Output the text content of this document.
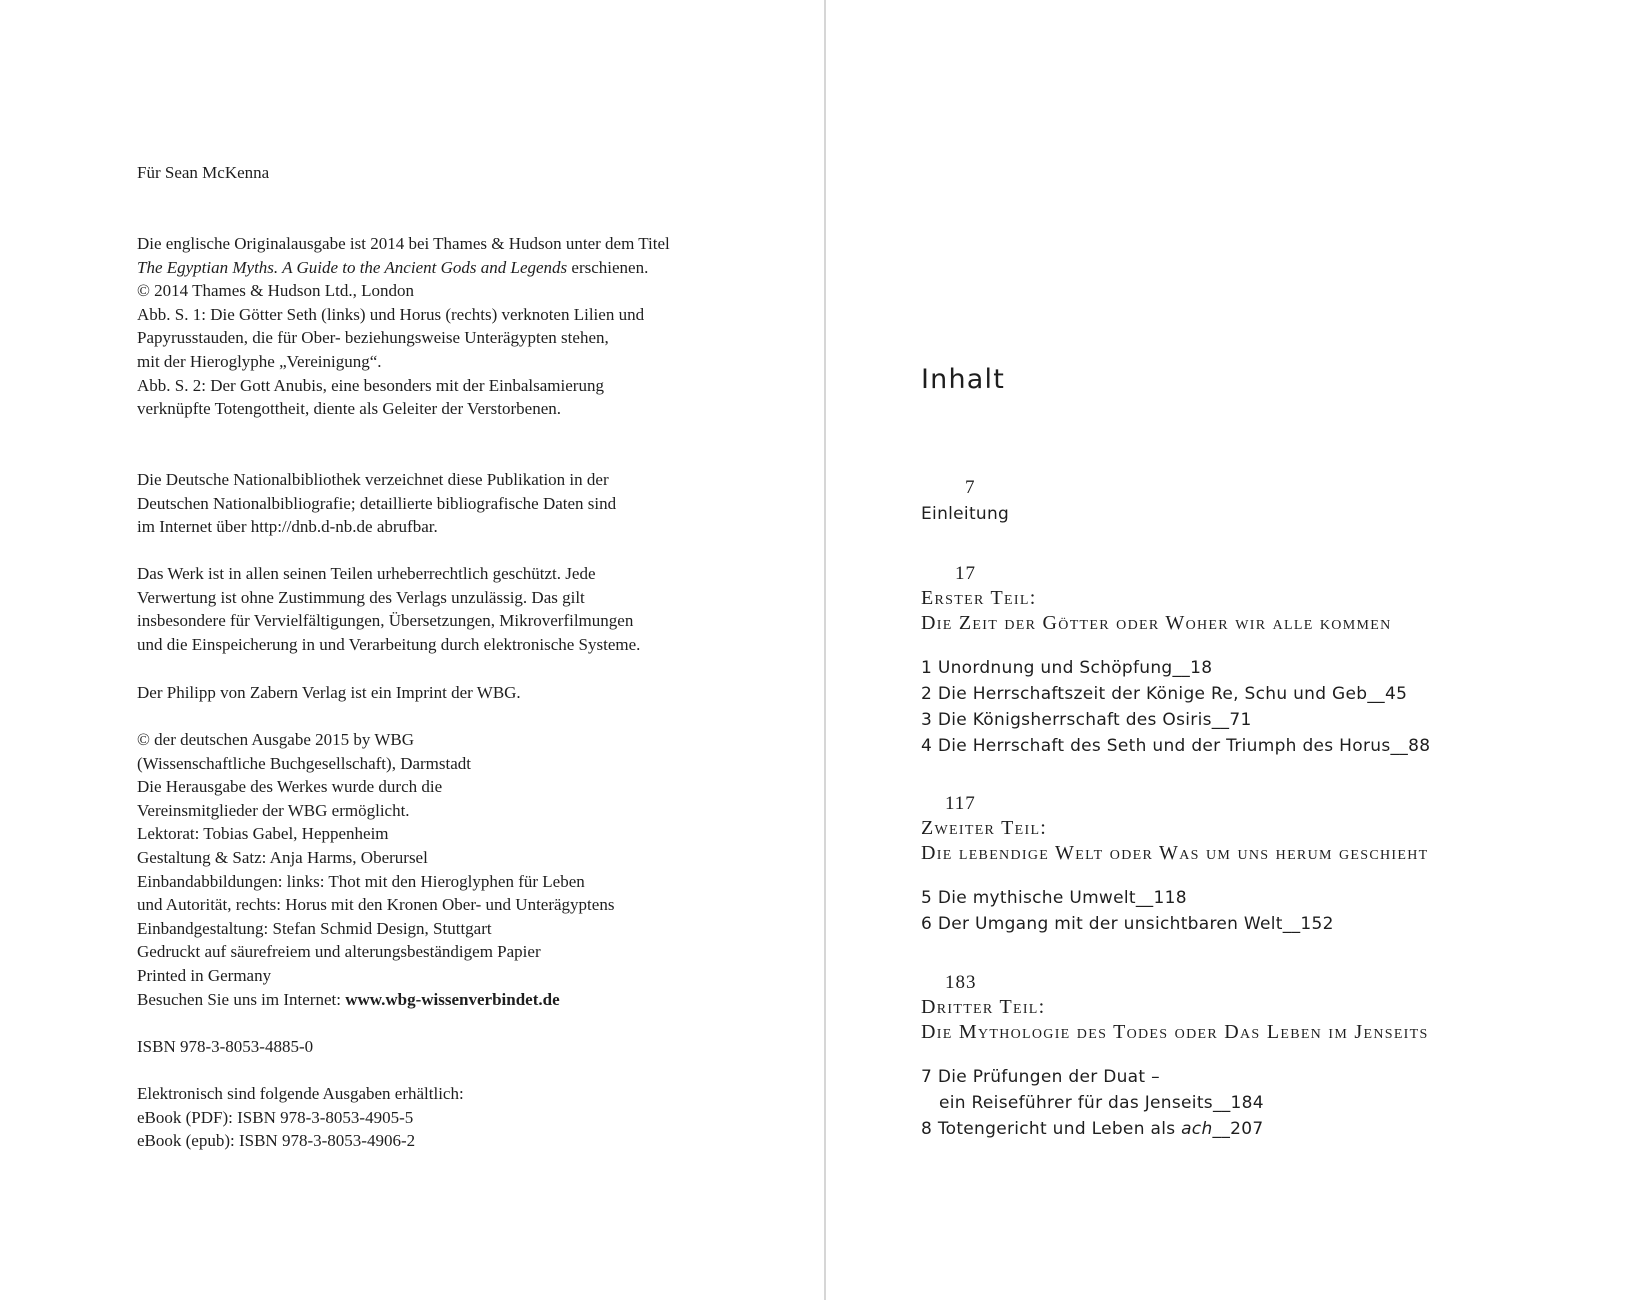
Für Sean McKenna
Die englische Originalausgabe ist 2014 bei Thames & Hudson unter dem Titel
The Egyptian Myths. A Guide to the Ancient Gods and Legends erschienen.
© 2014 Thames & Hudson Ltd., London
Abb. S. 1: Die Götter Seth (links) und Horus (rechts) verknoten Lilien und
Papyrusstauden, die für Ober- beziehungsweise Unterägypten stehen,
mit der Hieroglyphe „Vereinigung“.
Abb. S. 2: Der Gott Anubis, eine besonders mit der Einbalsamierung
verknüpfte Totengottheit, diente als Geleiter der Verstorbenen.
Die Deutsche Nationalbibliothek verzeichnet diese Publikation in der
Deutschen Nationalbibliografie; detaillierte bibliografische Daten sind
im Internet über http://dnb.d-nb.de abrufbar.
Das Werk ist in allen seinen Teilen urheberrechtlich geschützt. Jede
Verwertung ist ohne Zustimmung des Verlags unzulässig. Das gilt
insbesondere für Vervielfältigungen, Übersetzungen, Mikroverfilmungen
und die Einspeicherung in und Verarbeitung durch elektronische Systeme.
Der Philipp von Zabern Verlag ist ein Imprint der WBG.
© der deutschen Ausgabe 2015 by WBG
(Wissenschaftliche Buchgesellschaft), Darmstadt
Die Herausgabe des Werkes wurde durch die
Vereinsmitglieder der WBG ermöglicht.
Lektorat: Tobias Gabel, Heppenheim
Gestaltung & Satz: Anja Harms, Oberursel
Einbandabbildungen: links: Thot mit den Hieroglyphen für Leben
und Autorität, rechts: Horus mit den Kronen Ober- und Unterägyptens
Einbandgestaltung: Stefan Schmid Design, Stuttgart
Gedruckt auf säurefreiem und alterungsbeständigem Papier
Printed in Germany
Besuchen Sie uns im Internet: www.wbg-wissenverbindet.de
ISBN 978-3-8053-4885-0
Elektronisch sind folgende Ausgaben erhältlich:
eBook (PDF): ISBN 978-3-8053-4905-5
eBook (epub): ISBN 978-3-8053-4906-2
Inhalt
7
Einleitung
17
Erster Teil:
Die Zeit der Götter oder Woher wir alle kommen
1 Unordnung und Schöpfung__18
2 Die Herrschaftszeit der Könige Re, Schu und Geb__45
3 Die Königsherrschaft des Osiris__71
4 Die Herrschaft des Seth und der Triumph des Horus__88
117
Zweiter Teil:
Die lebendige Welt oder Was um uns herum geschieht
5 Die mythische Umwelt__118
6 Der Umgang mit der unsichtbaren Welt__152
183
Dritter Teil:
Die Mythologie des Todes oder Das Leben im Jenseits
7 Die Prüfungen der Duat –
ein Reiseführer für das Jenseits__184
8 Totengericht und Leben als ach__207
